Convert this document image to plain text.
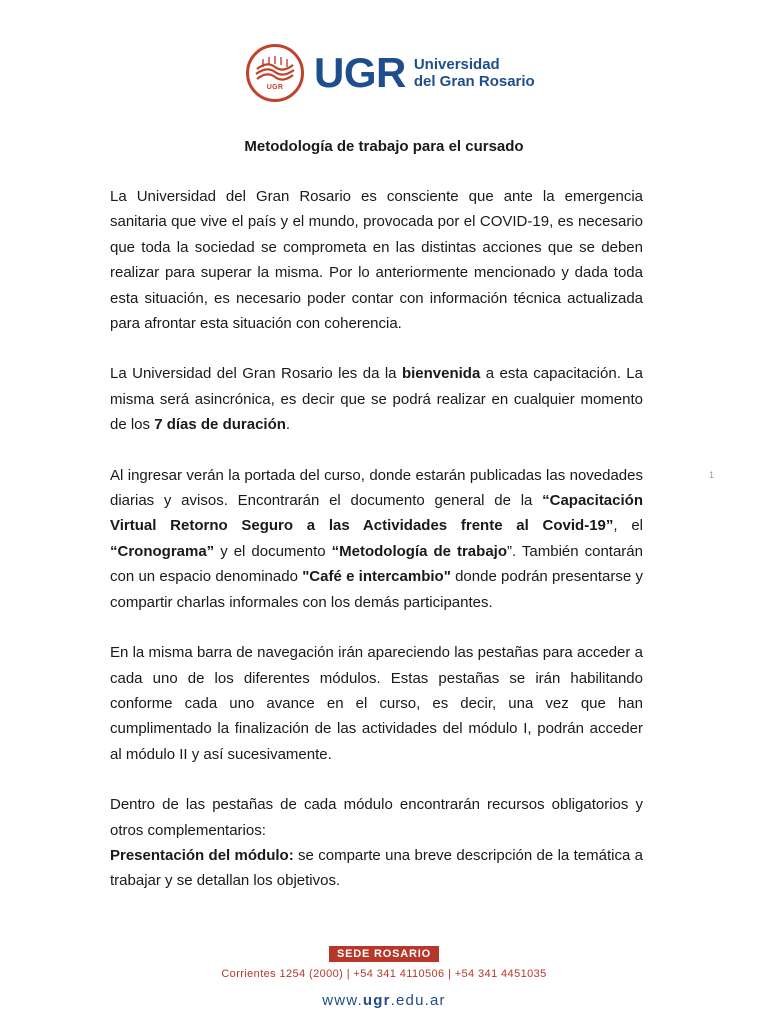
UGR UGR Universidad
del Gran Rosario
Metodología de trabajo para el cursado

La Universidad del Gran Rosario es consciente que ante la emergencia sanitaria que vive el país y el mundo, provocada por el COVID-19, es necesario que toda la sociedad se comprometa en las distintas acciones que se deben realizar para superar la misma. Por lo anteriormente mencionado y dada toda esta situación, es necesario poder contar con información técnica actualizada para afrontar esta situación con coherencia.

La Universidad del Gran Rosario les da la bienvenida a esta capacitación. La misma será asincrónica, es decir que se podrá realizar en cualquier momento de los 7 días de duración.

Al ingresar verán la portada del curso, donde estarán publicadas las novedades diarias y avisos. Encontrarán el documento general de la “Capacitación Virtual Retorno Seguro a las Actividades frente al Covid-19”, el “Cronograma” y el documento “Metodología de trabajo”. También contarán con un espacio denominado "Café e intercambio" donde podrán presentarse y compartir charlas informales con los demás participantes.

En la misma barra de navegación irán apareciendo las pestañas para acceder a cada uno de los diferentes módulos. Estas pestañas se irán habilitando conforme cada uno avance en el curso, es decir, una vez que han cumplimentado la finalización de las actividades del módulo I, podrán acceder al módulo II y así sucesivamente.

Dentro de las pestañas de cada módulo encontrarán recursos obligatorios y otros complementarios:

Presentación del módulo: se comparte una breve descripción de la temática a trabajar y se detallan los objetivos.

1
SEDE ROSARIO
Corrientes 1254 (2000) | +54 341 4110506 | +54 341 4451035
www.ugr.edu.ar
